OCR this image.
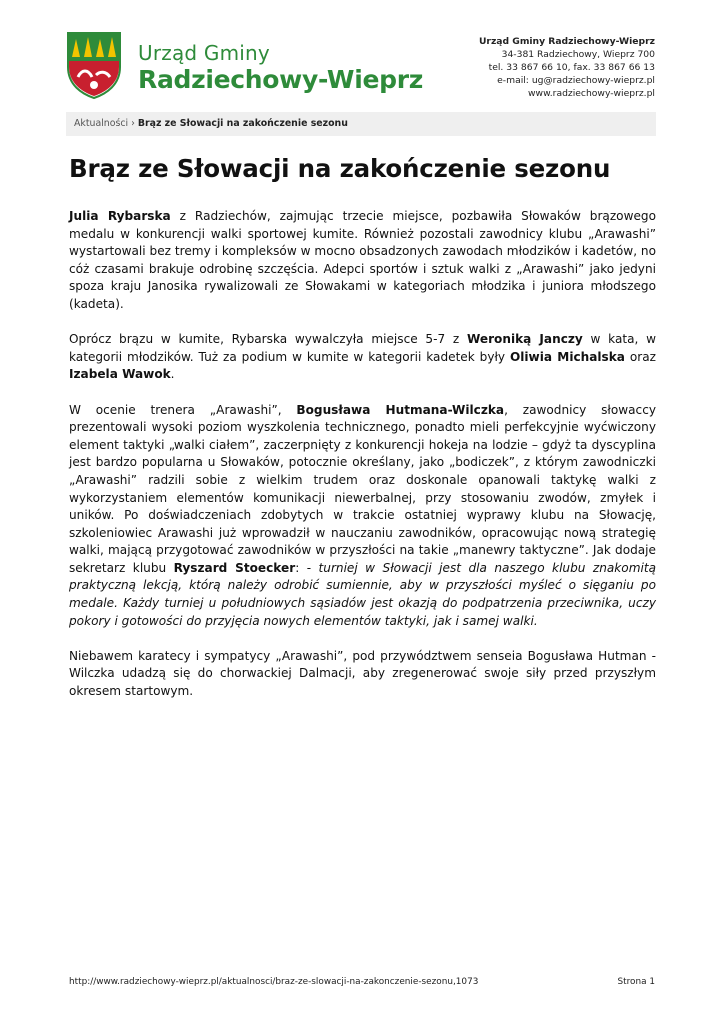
Urząd Gminy
Radziechowy-Wieprz
Urząd Gminy Radziechowy-Wieprz
34-381 Radziechowy, Wieprz 700
tel. 33 867 66 10, fax. 33 867 66 13
e-mail: ug@radziechowy-wieprz.pl
www.radziechowy-wieprz.pl
Aktualności › Brąz ze Słowacji na zakończenie sezonu
Brąz ze Słowacji na zakończenie sezonu

Julia Rybarska z Radziechów, zajmując trzecie miejsce, pozbawiła Słowaków brązowego medalu w konkurencji walki sportowej kumite. Również pozostali zawodnicy klubu „Arawashi” wystartowali bez tremy i kompleksów w mocno obsadzonych zawodach młodzików i kadetów, no cóż czasami brakuje odrobinę szczęścia. Adepci sportów i sztuk walki z „Arawashi” jako jedyni spoza kraju Janosika rywalizowali ze Słowakami w kategoriach młodzika i juniora młodszego (kadeta).

Oprócz brązu w kumite, Rybarska wywalczyła miejsce 5-7 z Weroniką Janczy w kata, w kategorii młodzików. Tuż za podium w kumite w kategorii kadetek były Oliwia Michalska oraz Izabela Wawok.

W ocenie trenera „Arawashi”, Bogusława Hutmana-Wilczka, zawodnicy słowaccy prezentowali wysoki poziom wyszkolenia technicznego, ponadto mieli perfekcyjnie wyćwiczony element taktyki „walki ciałem”, zaczerpnięty z konkurencji hokeja na lodzie – gdyż ta dyscyplina jest bardzo popularna u Słowaków, potocznie określany, jako „bodiczek”, z którym zawodniczki „Arawashi” radzili sobie z wielkim trudem oraz doskonale opanowali taktykę walki z wykorzystaniem elementów komunikacji niewerbalnej, przy stosowaniu zwodów, zmyłek i uników. Po doświadczeniach zdobytych w trakcie ostatniej wyprawy klubu na Słowację, szkoleniowiec Arawashi już wprowadził w nauczaniu zawodników, opracowując nową strategię walki, mającą przygotować zawodników w przyszłości na takie „manewry taktyczne”. Jak dodaje sekretarz klubu Ryszard Stoecker: - turniej w Słowacji jest dla naszego klubu znakomitą praktyczną lekcją, którą należy odrobić sumiennie, aby w przyszłości myśleć o sięganiu po medale. Każdy turniej u południowych sąsiadów jest okazją do podpatrzenia przeciwnika, uczy pokory i gotowości do przyjęcia nowych elementów taktyki, jak i samej walki.

Niebawem karatecy i sympatycy „Arawashi”, pod przywództwem senseia Bogusława Hutman - Wilczka udadzą się do chorwackiej Dalmacji, aby zregenerować swoje siły przed przyszłym okresem startowym.

http://www.radziechowy-wieprz.pl/aktualnosci/braz-ze-slowacji-na-zakonczenie-sezonu,1073	Strona 1
